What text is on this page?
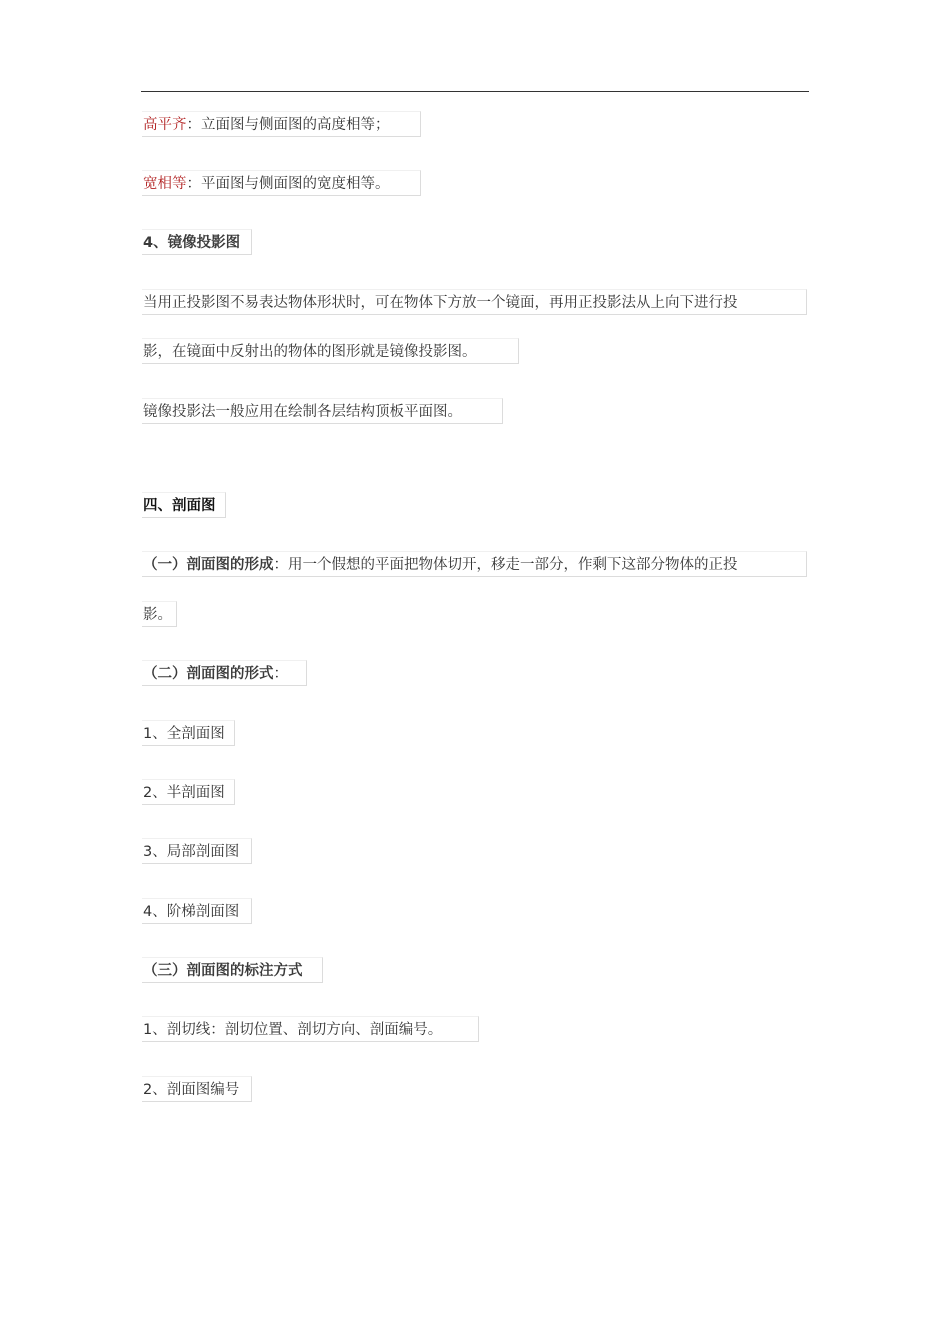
高平齐：立面图与侧面图的高度相等；
宽相等：平面图与侧面图的宽度相等。
4、镜像投影图
当用正投影图不易表达物体形状时，可在物体下方放一个镜面，再用正投影法从上向下进行投
影，在镜面中反射出的物体的图形就是镜像投影图。
镜像投影法一般应用在绘制各层结构顶板平面图。
四、剖面图
（一）剖面图的形成：用一个假想的平面把物体切开，移走一部分，作剩下这部分物体的正投
影。
（二）剖面图的形式：
1、全剖面图
2、半剖面图
3、局部剖面图
4、阶梯剖面图
（三）剖面图的标注方式
1、剖切线：剖切位置、剖切方向、剖面编号。
2、剖面图编号
